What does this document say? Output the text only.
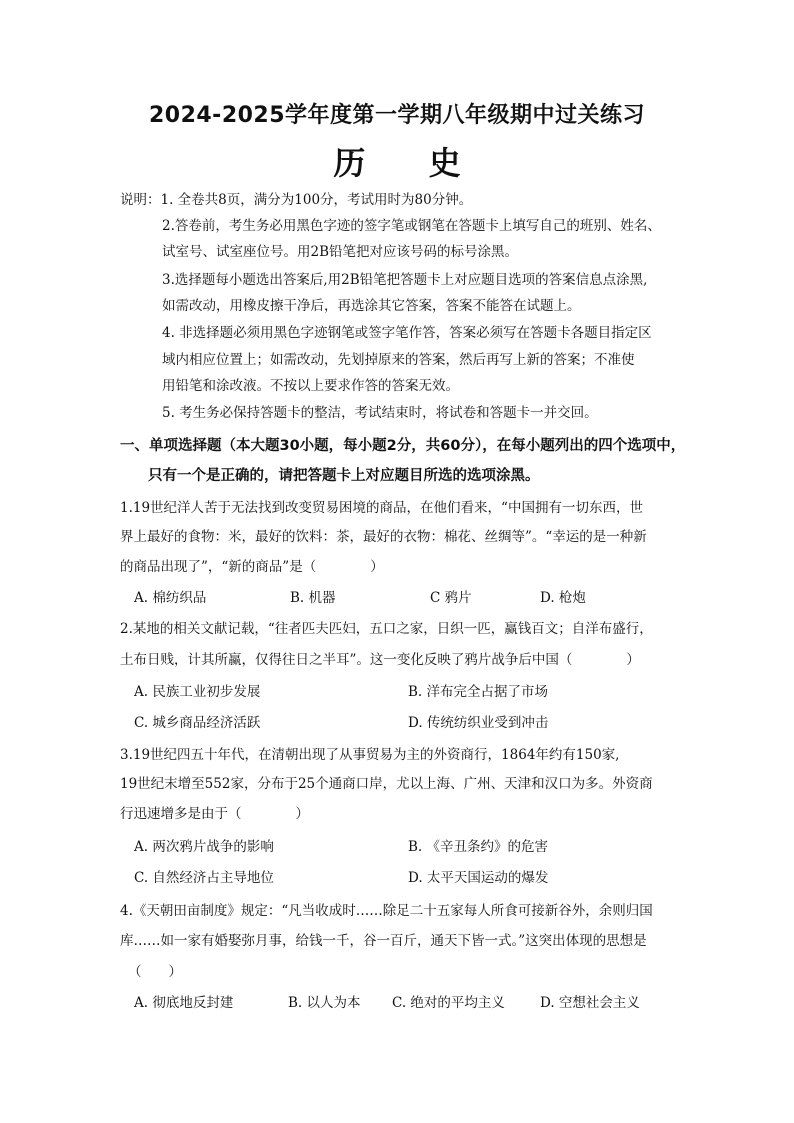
2024-2025学年度第一学期八年级期中过关练习
历 史
说明：1. 全卷共8页，满分为100分，考试用时为80分钟。
2.答卷前，考生务必用黑色字迹的签字笔或钢笔在答题卡上填写自己的班别、姓名、
试室号、试室座位号。用2B铅笔把对应该号码的标号涂黑。
3.选择题每小题选出答案后,用2B铅笔把答题卡上对应题目选项的答案信息点涂黑,
如需改动，用橡皮擦干净后，再选涂其它答案，答案不能答在试题上。
4. 非选择题必须用黑色字迹钢笔或签字笔作答，答案必须写在答题卡各题目指定区
域内相应位置上；如需改动，先划掉原来的答案，然后再写上新的答案；不准使
用铅笔和涂改液。不按以上要求作答的答案无效。
5. 考生务必保持答题卡的整洁，考试结束时，将试卷和答题卡一并交回。
一、单项选择题（本大题30小题，每小题2分，共60分），在每小题列出的四个选项中，
只有一个是正确的，请把答题卡上对应题目所选的选项涂黑。
1.19世纪洋人苦于无法找到改变贸易困境的商品，在他们看来，“中国拥有一切东西，世
界上最好的食物：米，最好的饮料：茶，最好的衣物：棉花、丝绸等”。“幸运的是一种新
的商品出现了”，“新的商品”是（　　　　）
A. 棉纺织品	B. 机器	C 鸦片	D. 枪炮
2.某地的相关文献记载，“往者匹夫匹妇，五口之家，日织一匹，赢钱百文；自洋布盛行，
土布日贱，计其所赢，仅得往日之半耳”。这一变化反映了鸦片战争后中国（　　　　）
A. 民族工业初步发展	B. 洋布完全占据了市场
C. 城乡商品经济活跃	D. 传统纺织业受到冲击
3.19世纪四五十年代，在清朝出现了从事贸易为主的外资商行，1864年约有150家,
19世纪末增至552家，分布于25个通商口岸，尤以上海、广州、天津和汉口为多。外资商
行迅速增多是由于（　　　　）
A. 两次鸦片战争的影响	B. 《辛丑条约》的危害
C. 自然经济占主导地位	D. 太平天国运动的爆发
4.《天朝田亩制度》规定：“凡当收成时……除足二十五家每人所食可接新谷外，余则归国
库……如一家有婚娶弥月事，给钱一千，谷一百斤，通天下皆一式。”这突出体现的思想是
（　　）
A. 彻底地反封建	B. 以人为本 C. 绝对的平均主义	D. 空想社会主义
